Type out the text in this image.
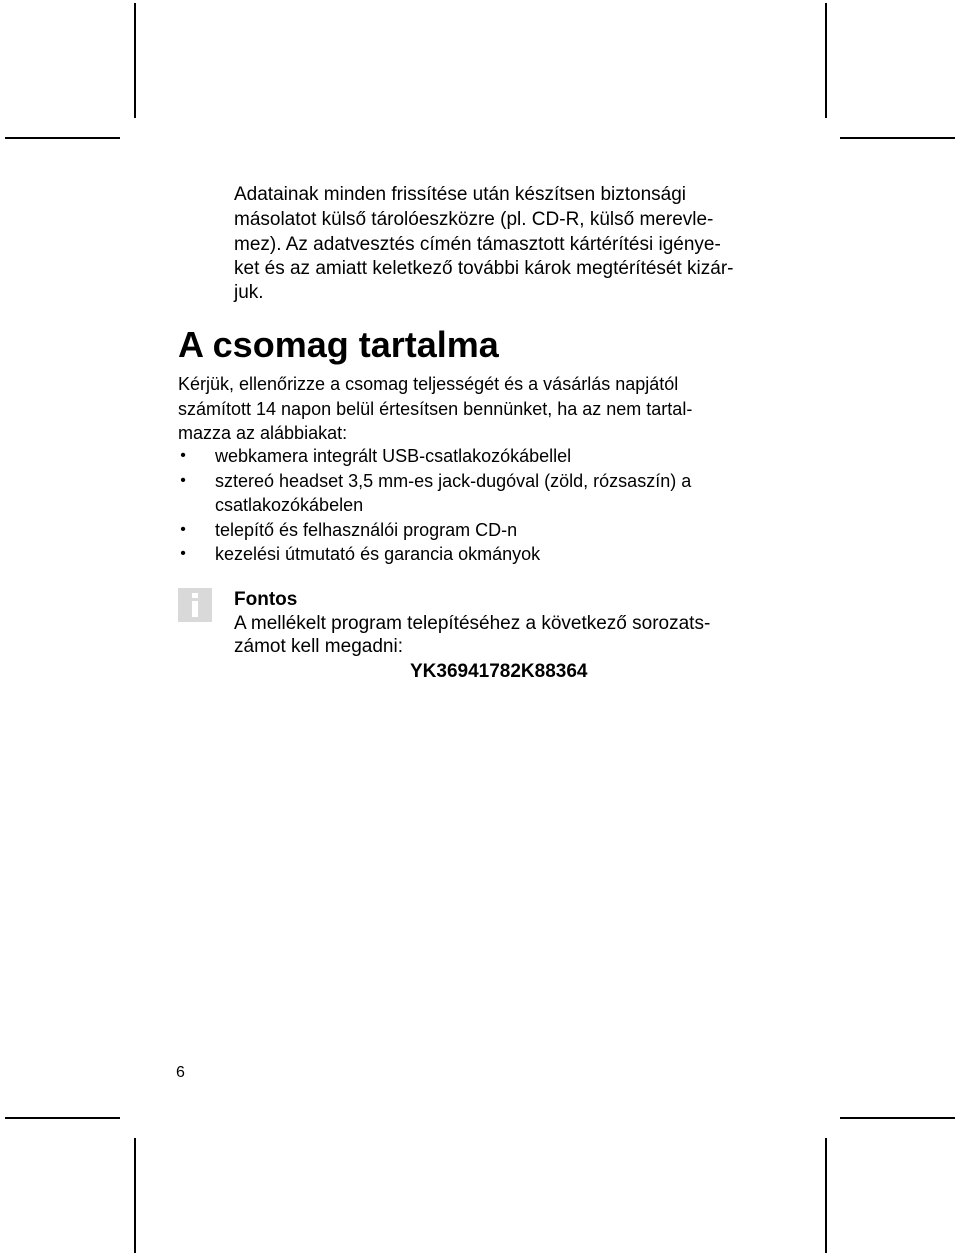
Adatainak minden frissítése után készítsen biztonsági
másolatot külső tárolóeszközre (pl. CD-R, külső merevle-
mez). Az adatvesztés címén támasztott kártérítési igénye-
ket és az amiatt keletkező további károk megtérítését kizár-
juk.
A csomag tartalma
Kérjük, ellenőrizze a csomag teljességét és a vásárlás napjától
számított 14 napon belül értesítsen bennünket, ha az nem tartal-
mazza az alábbiakat:
• webkamera integrált USB-csatlakozókábellel
• sztereó headset 3,5 mm-es jack-dugóval (zöld, rózsaszín) a
csatlakozókábelen
• telepítő és felhasználói program CD-n
• kezelési útmutató és garancia okmányok
Fontos
A mellékelt program telepítéséhez a következő sorozats-
zámot kell megadni:
YK36941782K88364
6
